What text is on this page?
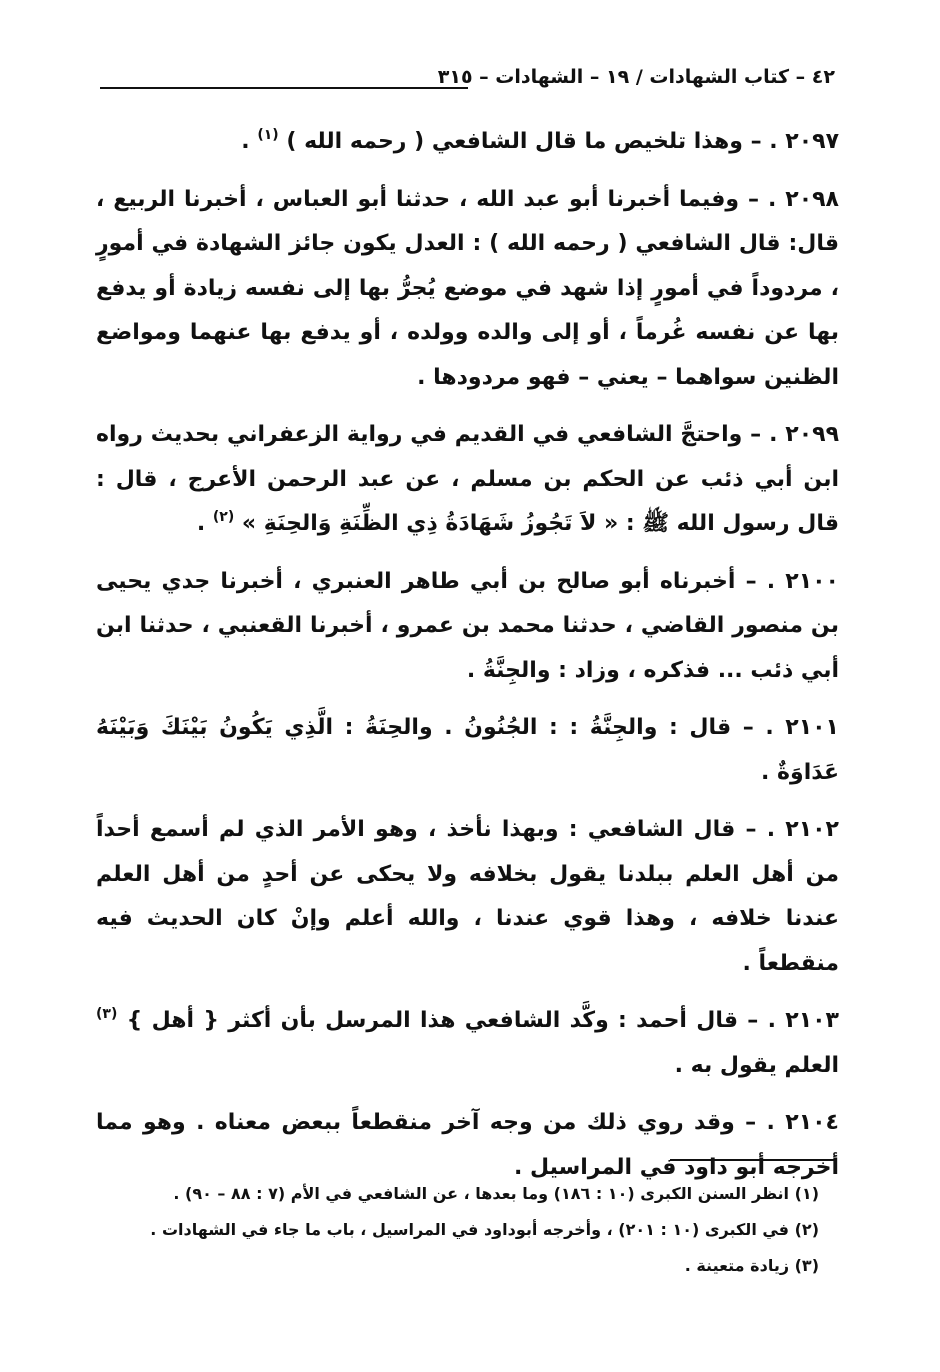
٤٢ – كتاب الشهادات / ١٩ – الشهادات – ٣١٥

٢٠٩٧ . – وهذا تلخيص ما قال الشافعي ( رحمه الله ) $^{(١)}$ .

٢٠٩٨ . – وفيما أخبرنا أبو عبد الله ، حدثنا أبو العباس ، أخبرنا الربيع ، قال: قال الشافعي ( رحمه الله ) : العدل يكون جائز الشهادة في أمورٍ ، مردوداً في أمورٍ إذا شهد في موضع يُجرُّ بها إلى نفسه زيادة أو يدفع بها عن نفسه غُرماً ، أو إلى والده وولده ، أو يدفع بها عنهما ومواضع الظنين سواهما – يعني – فهو مردودها .

٢٠٩٩ . – واحتجَّ الشافعي في القديم في رواية الزعفراني بحديث رواه ابن أبي ذئب عن الحكم بن مسلم ، عن عبد الرحمن الأعرج ، قال : قال رسول الله ﷺ : « لاَ تَجُوزُ شَهَادَةُ ذِي الظِّنَةِ وَالحِنَةِ » $^{(٢)}$ .

٢١٠٠ . – أخبرناه أبو صالح بن أبي طاهر العنبري ، أخبرنا جدي يحيى بن منصور القاضي ، حدثنا محمد بن عمرو ، أخبرنا القعنبي ، حدثنا ابن أبي ذئب ... فذكره ، وزاد : والجِنَّةُ .

٢١٠١ . – قال : والجِنَّةُ : : الجُنُونُ . والحِنَةُ : الَّذِي يَكُونُ بَيْنَكَ وَبَيْنَهُ عَدَاوَةٌ .

٢١٠٢ . – قال الشافعي : وبهذا نأخذ ، وهو الأمر الذي لم أسمع أحداً من أهل العلم ببلدنا يقول بخلافه ولا يحكى عن أحدٍ من أهل العلم عندنا خلافه ، وهذا قوي عندنا ، والله أعلم وإنْ كان الحديث فيه منقطعاً .

٢١٠٣ . – قال أحمد : وكَّد الشافعي هذا المرسل بأن أكثر { أهل } $^{(٣)}$ العلم يقول به .

٢١٠٤ . – وقد روي ذلك من وجه آخر منقطعاً ببعض معناه . وهو مما أخرجه أبو داود في المراسيل .

(١) انظر السنن الكبرى (١٠ : ١٨٦) وما بعدها ، عن الشافعي في الأم (٧ : ٨٨ – ٩٠) .

(٢) في الكبرى (١٠ : ٢٠١) ، وأخرجه أبوداود في المراسيل ، باب ما جاء في الشهادات .

(٣) زيادة متعينة .
